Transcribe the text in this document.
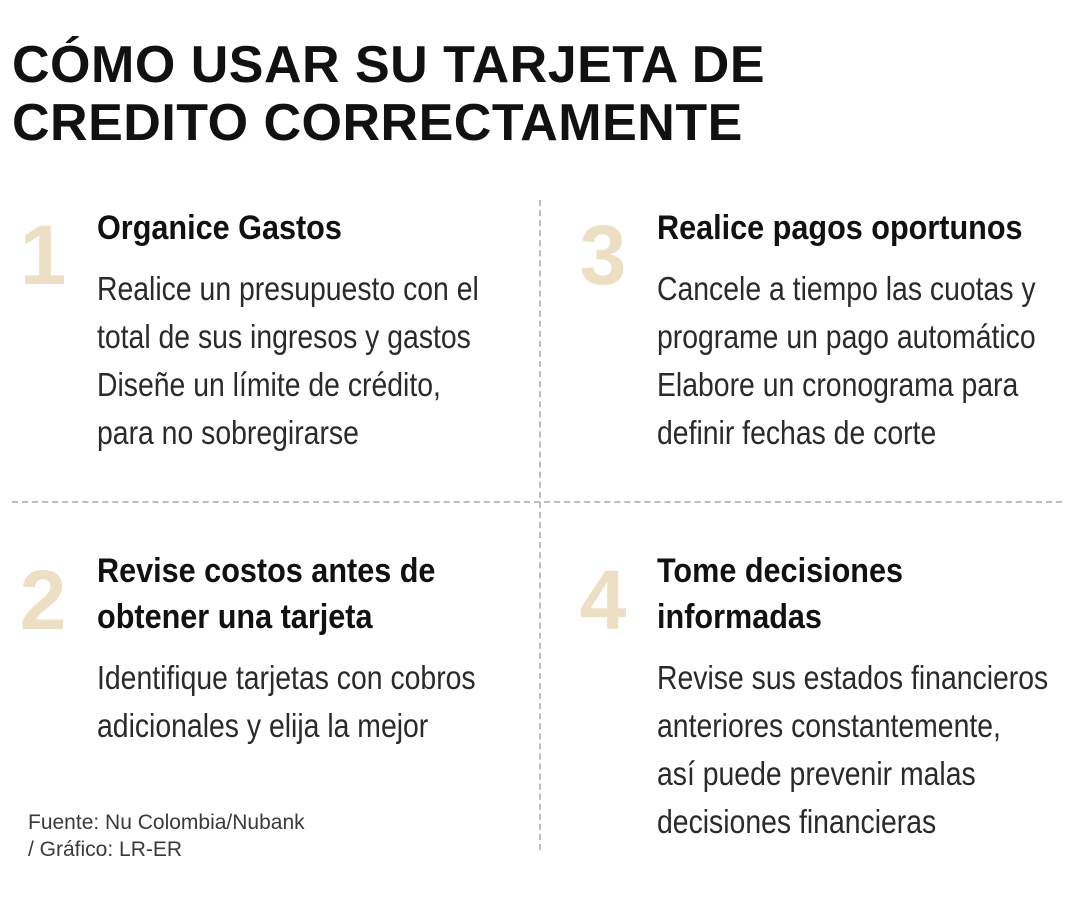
CÓMO USAR SU TARJETA DE
CREDITO CORRECTAMENTE
1 Organice Gastos
Realice un presupuesto con el
total de sus ingresos y gastos
Diseñe un límite de crédito,
para no sobregirarse
3 Realice pagos oportunos
Cancele a tiempo las cuotas y
programe un pago automático
Elabore un cronograma para
definir fechas de corte
2 Revise costos antes de
obtener una tarjeta
Identifique tarjetas con cobros
adicionales y elija la mejor
4 Tome decisiones
informadas
Revise sus estados financieros
anteriores constantemente,
así puede prevenir malas
decisiones financieras
Fuente: Nu Colombia/Nubank
/ Gráfico: LR-ER
